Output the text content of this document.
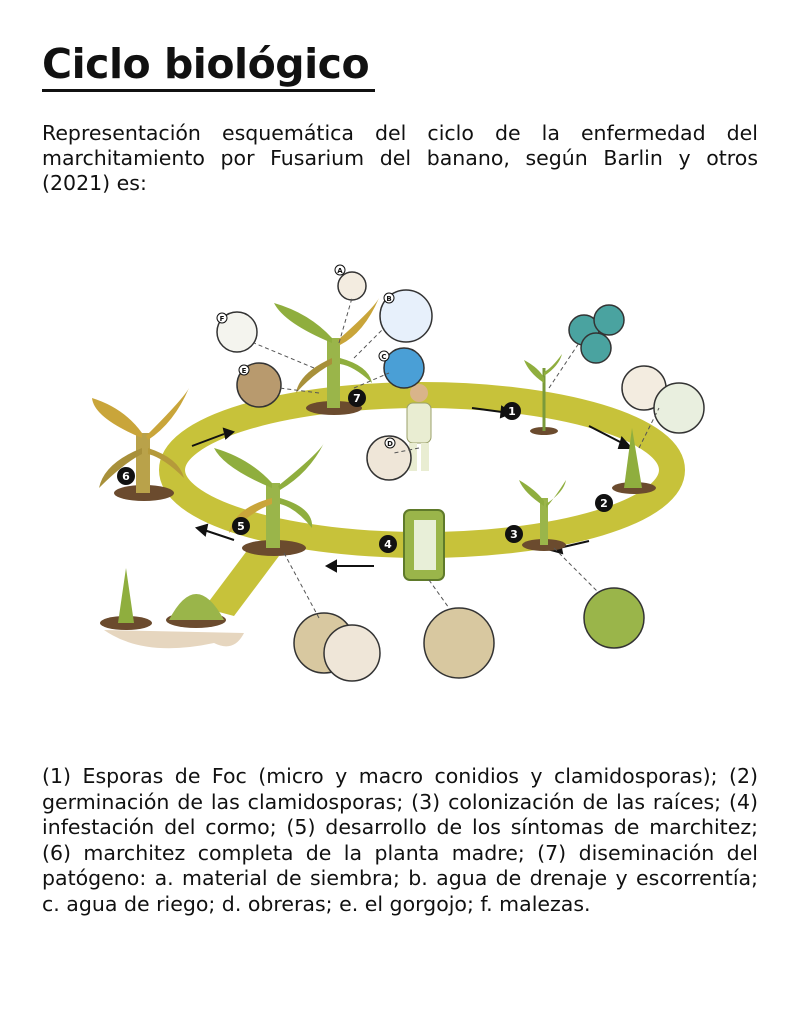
Ciclo biológico

Representación esquemática del ciclo de la enfermedad del marchitamiento por Fusarium del banano, según Barlin y otros (2021) es:

1
2
3
4
5
6
7
A
B
C
D
E
F

(1) Esporas de Foc (micro y macro conidios y clamidosporas); (2) germinación de las clamidosporas; (3) colonización de las raíces; (4) infestación del cormo; (5) desarrollo de los síntomas de marchitez; (6) marchitez completa de la planta madre; (7) diseminación del patógeno: a. material de siembra; b. agua de drenaje y escorrentía; c. agua de riego; d. obreras; e. el gorgojo; f. malezas.
